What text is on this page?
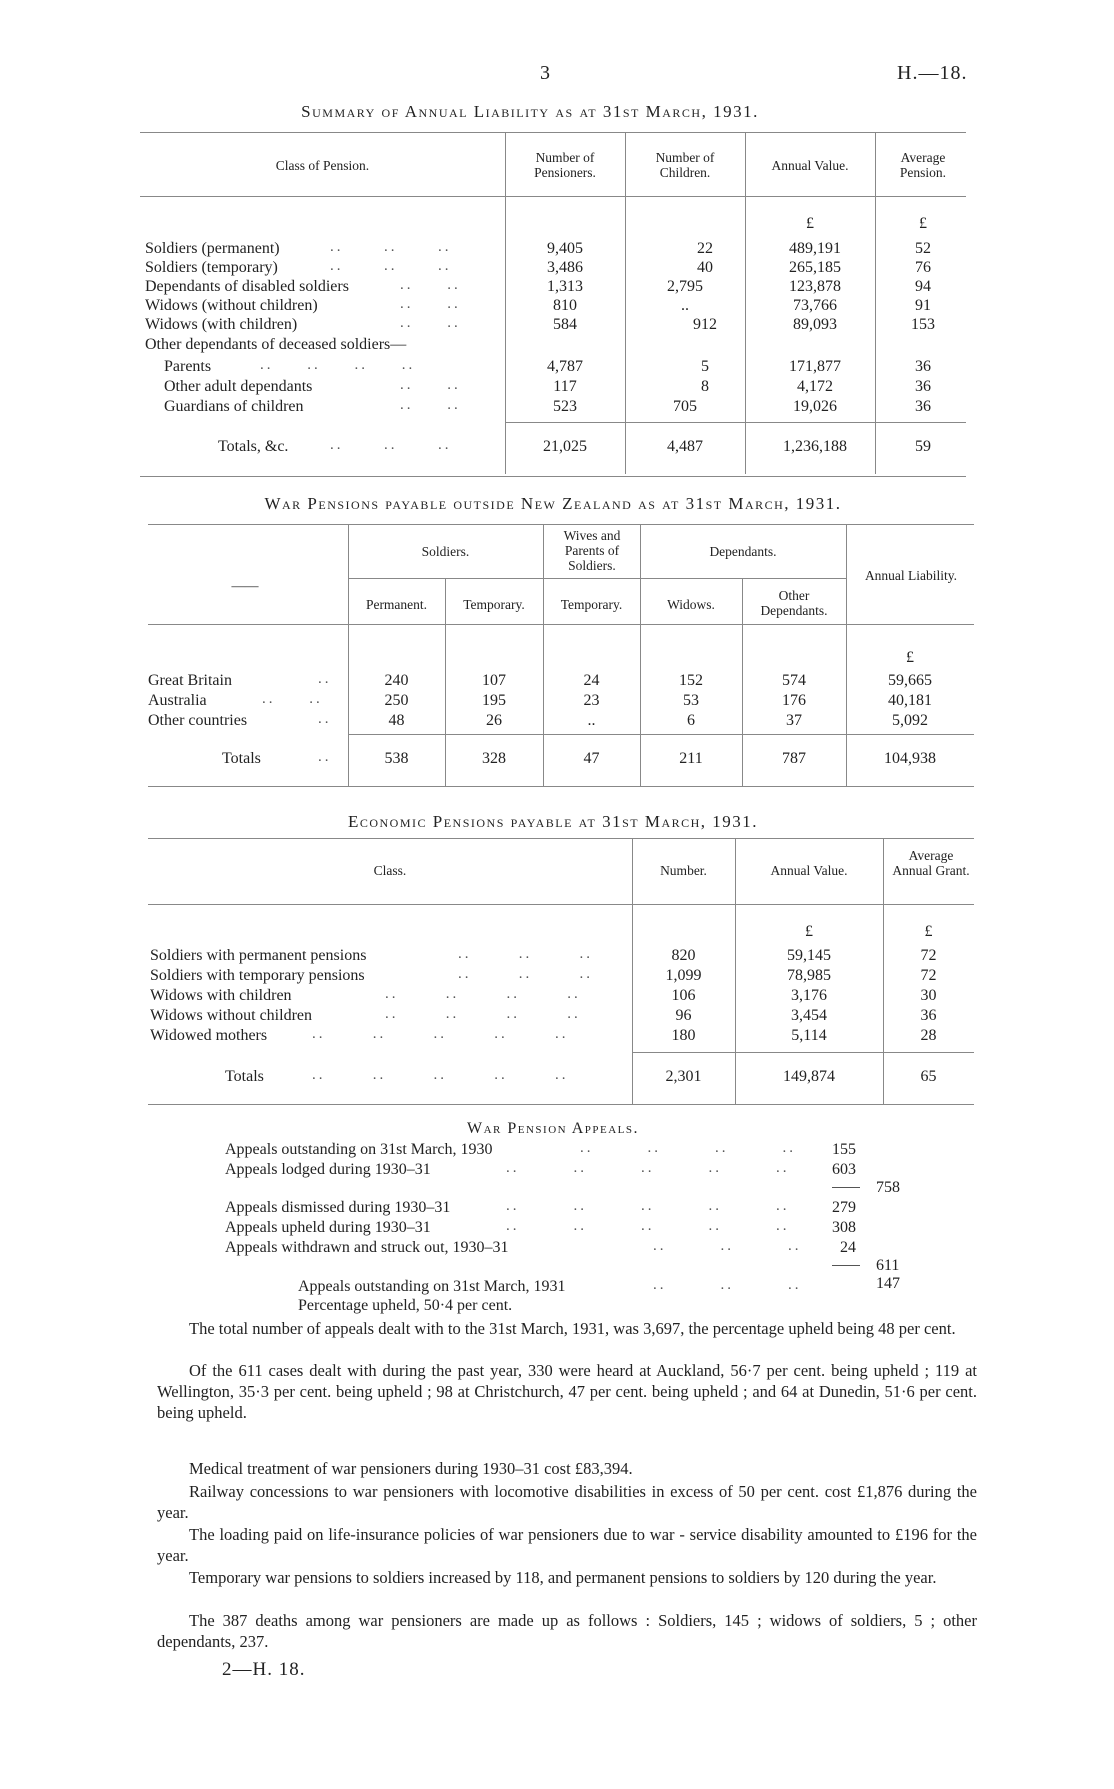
3	H.—18.
Summary of Annual Liability as at 31st March, 1931.
Class of Pension.
Number of Pensioners.
Number of Children.	Annual Value.
Average Pension.
£	£
Soldiers (permanent)	..      ..      ..	9,405	22	489,191	52
Soldiers (temporary)	..      ..      ..	3,486	40	265,185	76
Dependants of disabled soldiers	..     ..	1,313	2,795	123,878	94
Widows (without children)	..     ..	810	..	73,766	91
Widows (with children)	..     ..	584	912	89,093	153
Other dependants of deceased soldiers—
Parents	..     ..     ..     ..	4,787	5	171,877	36
Other adult dependants	..     ..	117	8	4,172	36
Guardians of children	..     ..	523	705	19,026	36
Totals, &c.	..      ..      ..	21,025	4,487	1,236,188	59
War Pensions payable outside New Zealand as at 31st March, 1931.
——
Soldiers.
Wives and Parents of Soldiers.
Dependants.
Annual Liability.
Permanent.	Temporary.	Temporary.	Widows.
Other Dependants.
£
Great Britain	..	240	107	24	152	574	59,665
Australia	..     ..	250	195	23	53	176	40,181
Other countries	..	48	26	..	6	37	5,092
Totals	..	538	328	47	211	787	104,938
Economic Pensions payable at 31st March, 1931.
Class.	Number.	Annual Value.
Average Annual Grant.
£	£
Soldiers with permanent pensions	..       ..       ..	820	59,145	72
Soldiers with temporary pensions	..       ..       ..	1,099	78,985	72
Widows with children	..       ..       ..       ..	106	3,176	30
Widows without children	..       ..       ..       ..	96	3,454	36
Widowed mothers	..       ..       ..       ..       ..	180	5,114	28
Totals	..       ..       ..       ..       ..	2,301	149,874	65
War Pension Appeals.
Appeals outstanding on 31st March, 1930	..        ..        ..        .. 155
Appeals lodged during 1930–31	..        ..        ..        ..        ..	603
758
Appeals dismissed during 1930–31	..        ..        ..        ..        ..	279
Appeals upheld during 1930–31	..        ..        ..        ..        ..	308
Appeals withdrawn and struck out, 1930–31	..        ..        .. 24
611
Appeals outstanding on 31st March, 1931	..        ..        ..	147
Percentage upheld, 50·4 per cent.
The total number of appeals dealt with to the 31st March, 1931, was 3,697, the percentage upheld being 48 per cent.
Of the 611 cases dealt with during the past year, 330 were heard at Auckland, 56·7 per cent. being upheld ; 119 at Wellington, 35·3 per cent. being upheld ; 98 at Christchurch, 47 per cent. being upheld ; and 64 at Dunedin, 51·6 per cent. being upheld.
Medical treatment of war pensioners during 1930–31 cost £83,394.
Railway concessions to war pensioners with locomotive disabilities in excess of 50 per cent. cost £1,876 during the year.
The loading paid on life-insurance policies of war pensioners due to war - service disability amounted to £196 for the year.
Temporary war pensions to soldiers increased by 118, and permanent pensions to soldiers by 120 during the year.
The 387 deaths among war pensioners are made up as follows : Soldiers, 145 ; widows of soldiers, 5 ; other dependants, 237.
2—H. 18.
